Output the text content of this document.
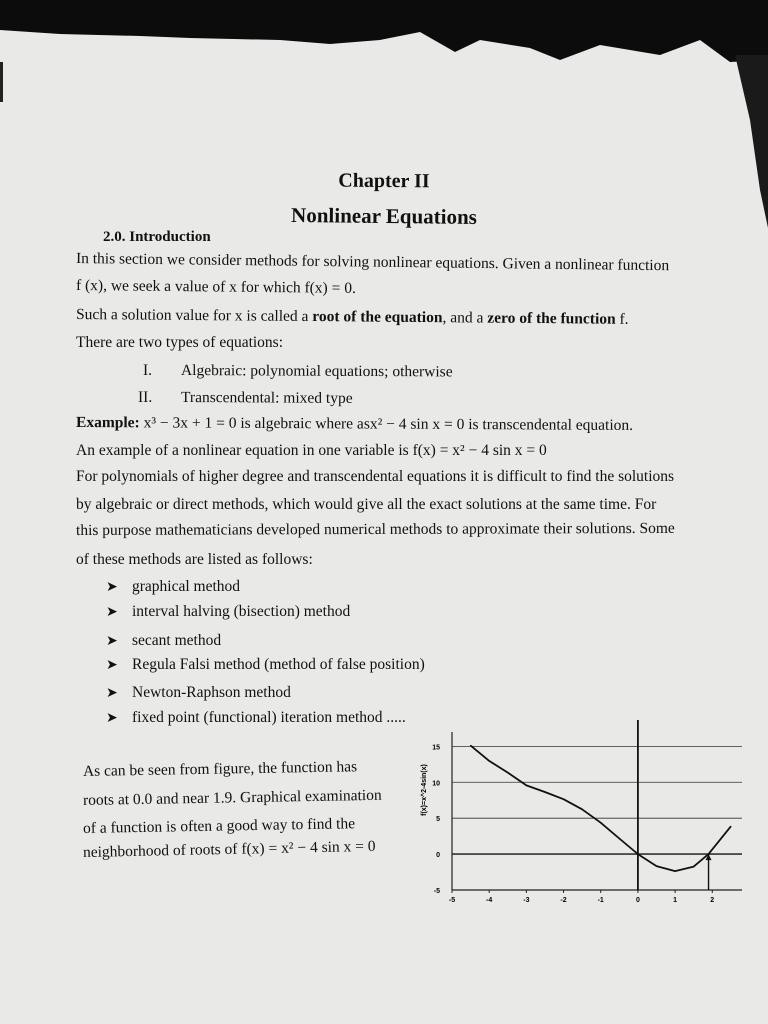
Chapter II
Nonlinear Equations
2.0. Introduction
In this section we consider methods for solving nonlinear equations. Given a nonlinear function
f (x), we seek a value of x for which f(x) = 0.
Such a solution value for x is called a root of the equation, and a zero of the function f.
There are two types of equations:
I. Algebraic: polynomial equations; otherwise
II. Transcendental: mixed type
Example: x³ − 3x + 1 = 0 is algebraic where asx² − 4 sin x = 0 is transcendental equation.
An example of a nonlinear equation in one variable is f(x) = x² − 4 sin x = 0
For polynomials of higher degree and transcendental equations it is difficult to find the solutions
by algebraic or direct methods, which would give all the exact solutions at the same time. For
this purpose mathematicians developed numerical methods to approximate their solutions. Some
of these methods are listed as follows:
➤ graphical method
➤ interval halving (bisection) method
➤ secant method
➤ Regula Falsi method (method of false position)
➤ Newton-Raphson method
➤ fixed point (functional) iteration method .....
As can be seen from figure, the function has
roots at 0.0 and near 1.9. Graphical examination
of a function is often a good way to find the
neighborhood of roots of f(x) = x² − 4 sin x = 0
-5
0
5
10
15
-5	-4	-3	-2	-1	0	1	2
f(x)=x^2-4sin(x)
